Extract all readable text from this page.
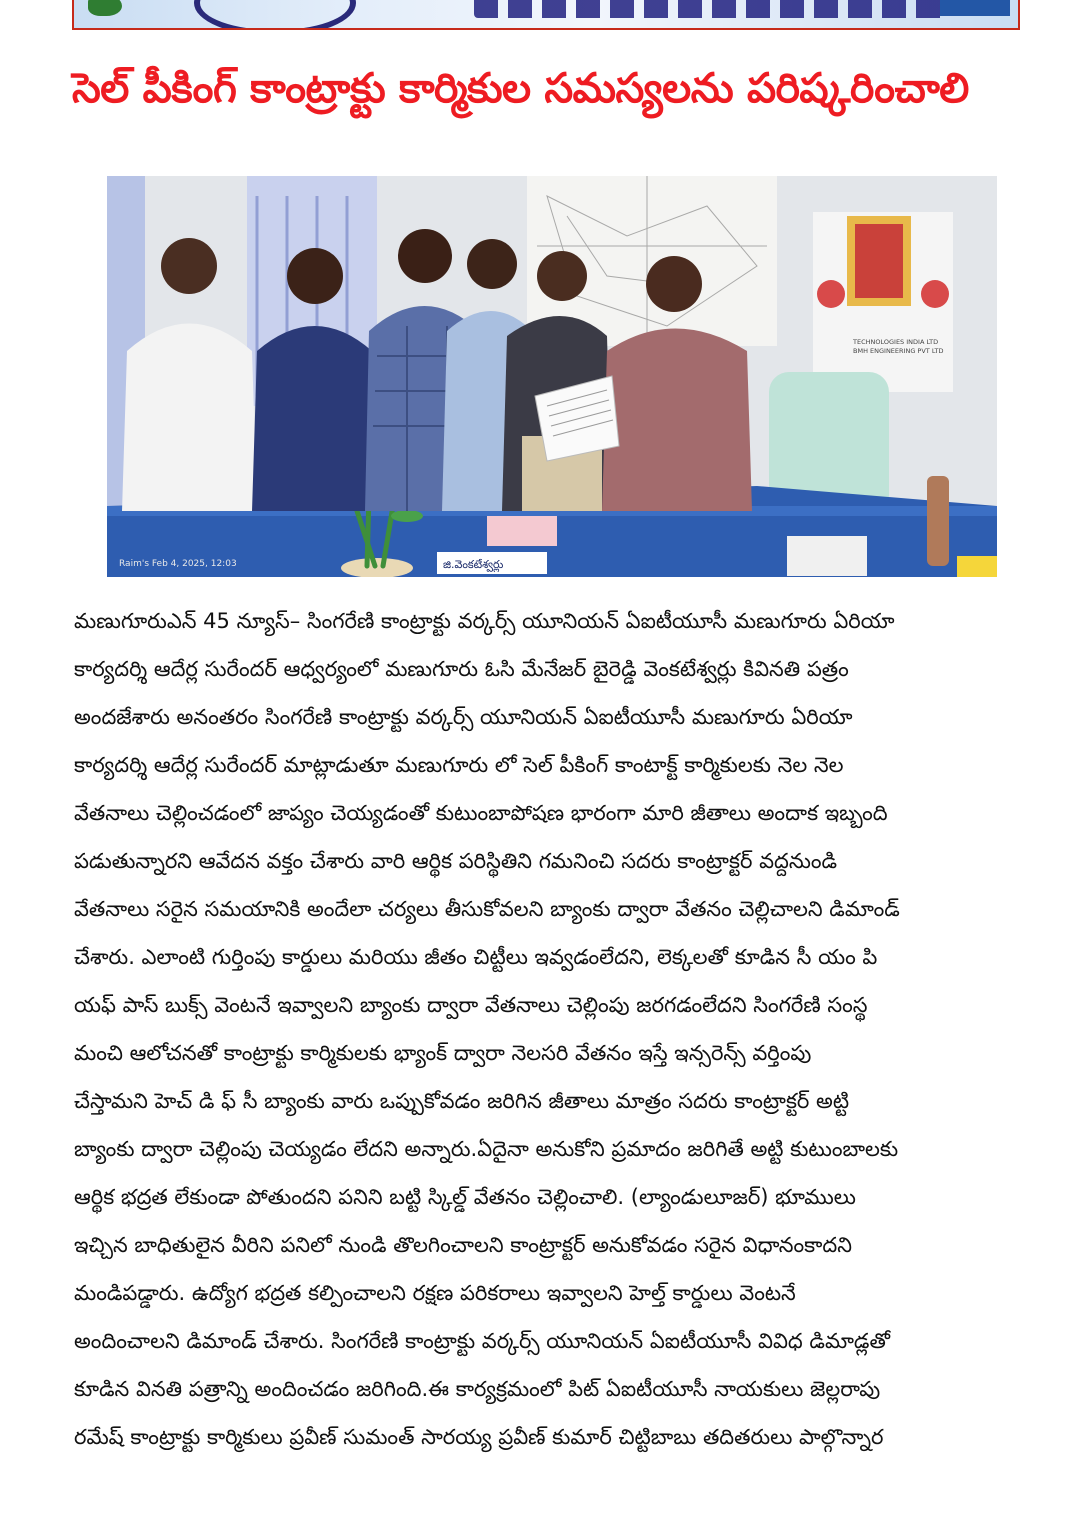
సెల్ పీకింగ్ కాంట్రాక్టు కార్మికుల సమస్యలను పరిష్కరించాలి
TECHNOLOGIES INDIA LTD
BMH ENGINEERING PVT LTD
జి.వెంకటేశ్వర్లు
Raim's Feb 4, 2025, 12:03
మణుగూరుఎన్ 45 న్యూస్– సింగరేణి కాంట్రాక్టు వర్కర్స్ యూనియన్ ఏఐటీయూసీ మణుగూరు ఏరియా
కార్యదర్శి ఆదేర్ల సురేందర్ ఆధ్వర్యంలో మణుగూరు ఓసి మేనేజర్ బైరెడ్డి వెంకటేశ్వర్లు కివినతి పత్రం
అందజేశారు అనంతరం సింగరేణి కాంట్రాక్టు వర్కర్స్ యూనియన్ ఏఐటీయూసీ మణుగూరు ఏరియా
కార్యదర్శి ఆదేర్ల సురేందర్ మాట్లాడుతూ మణుగూరు లో సెల్ పీకింగ్ కాంటాక్ట్ కార్మికులకు నెల నెల
వేతనాలు చెల్లించడంలో జాప్యం చెయ్యడంతో కుటుంబాపోషణ భారంగా మారి జీతాలు అందాక ఇబ్బంది
పడుతున్నారని ఆవేదన వక్తం చేశారు వారి ఆర్థిక పరిస్థితిని గమనించి సదరు కాంట్రాక్టర్ వద్దనుండి
వేతనాలు సరైన సమయానికి అందేలా చర్యలు తీసుకోవలని బ్యాంకు ద్వారా వేతనం చెల్లిచాలని డిమాండ్
చేశారు. ఎలాంటి గుర్తింపు కార్డులు మరియు జీతం చిట్టీలు ఇవ్వడంలేదని, లెక్కలతో కూడిన సీ యం పి
యఫ్ పాస్ బుక్స్ వెంటనే ఇవ్వాలని బ్యాంకు ద్వారా వేతనాలు చెల్లింపు జరగడంలేదని సింగరేణి సంస్థ
మంచి ఆలోచనతో కాంట్రాక్టు కార్మికులకు భ్యాంక్ ద్వారా నెలసరి వేతనం ఇస్తే ఇన్సరెన్స్ వర్తింపు
చేస్తామని హెచ్ డి ఫ్ సీ బ్యాంకు వారు ఒప్పుకోవడం జరిగిన జీతాలు మాత్రం సదరు కాంట్రాక్టర్ అట్టి
బ్యాంకు ద్వారా చెల్లింపు చెయ్యడం లేదని అన్నారు.ఏదైనా అనుకోని ప్రమాదం జరిగితే అట్టి కుటుంబాలకు
ఆర్థిక భద్రత లేకుండా పోతుందని పనిని బట్టి స్కిల్డ్ వేతనం చెల్లించాలి. (ల్యాండులూజర్) భూములు
ఇచ్చిన బాధితులైన వీరిని పనిలో నుండి తొలగించాలని కాంట్రాక్టర్ అనుకోవడం సరైన విధానంకాదని
మండిపడ్డారు. ఉద్యోగ భద్రత కల్పించాలని రక్షణ పరికరాలు ఇవ్వాలని హెల్త్ కార్డులు వెంటనే
అందించాలని డిమాండ్ చేశారు. సింగరేణి కాంట్రాక్టు వర్కర్స్ యూనియన్ ఏఐటీయూసీ వివిధ డిమాడ్లతో
కూడిన వినతి పత్రాన్ని అందించడం జరిగింది.ఈ కార్యక్రమంలో పిట్ ఏఐటీయూసీ నాయకులు జెల్లరాపు
రమేష్ కాంట్రాక్టు కార్మికులు ప్రవీణ్ సుమంత్ సారయ్య ప్రవీణ్ కుమార్ చిట్టిబాబు తదితరులు పాల్గొన్నార
